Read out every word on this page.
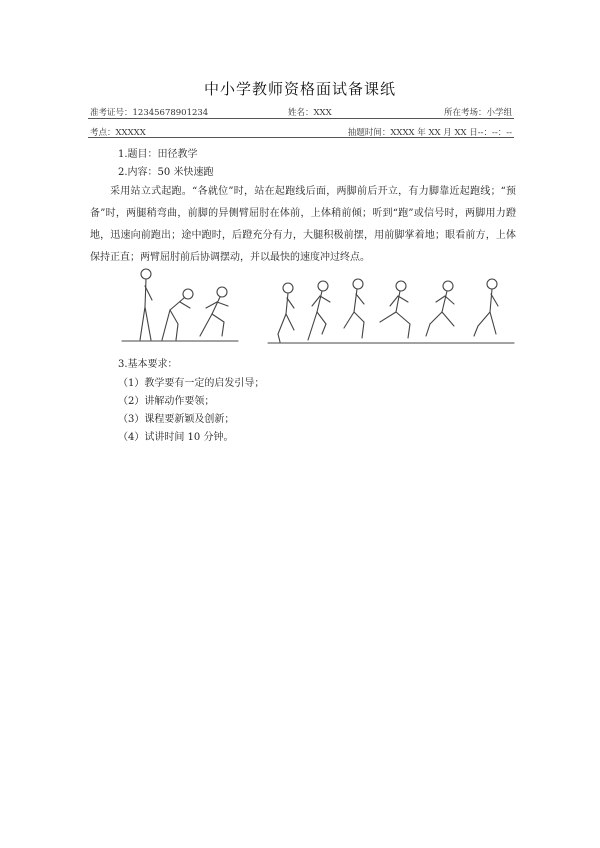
中小学教师资格面试备课纸
准考证号：12345678901234	姓名：XXX	所在考场：小学组
考点：XXXXX	抽题时间：XXXX 年 XX 月 XX 日--：--：--
1.题目：田径教学
2.内容：50 米快速跑
采用站立式起跑。“各就位”时，站在起跑线后面，两脚前后开立，有力脚靠近起跑线；“预备”时，两腿稍弯曲，前脚的异侧臂屈肘在体前，上体稍前倾；听到“跑”或信号时，两脚用力蹬地，迅速向前跑出；途中跑时，后蹬充分有力，大腿积极前摆，用前脚掌着地；眼看前方，上体保持正直；两臂屈肘前后协调摆动，并以最快的速度冲过终点。
3.基本要求：
（1）教学要有一定的启发引导；
（2）讲解动作要领；
（3）课程要新颖及创新；
（4）试讲时间 10 分钟。
